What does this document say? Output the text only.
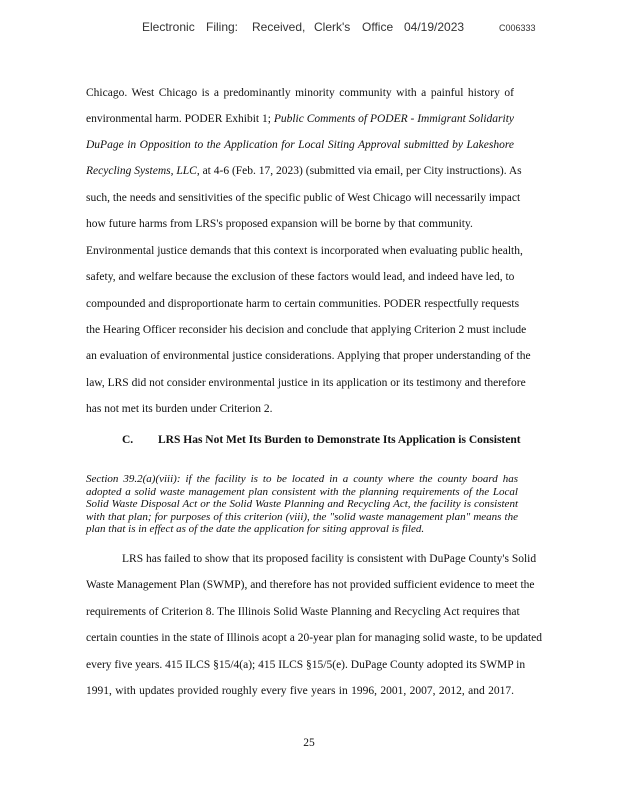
Electronic Filing: Received, Clerk's Office 04/19/2023	C006333
Chicago. West Chicago is a predominantly minority community with a painful history of
environmental harm. PODER Exhibit 1; Public Comments of PODER - Immigrant Solidarity
DuPage in Opposition to the Application for Local Siting Approval submitted by Lakeshore
Recycling Systems, LLC, at 4-6 (Feb. 17, 2023) (submitted via email, per City instructions). As
such, the needs and sensitivities of the specific public of West Chicago will necessarily impact
how future harms from LRS's proposed expansion will be borne by that community.
Environmental justice demands that this context is incorporated when evaluating public health,
safety, and welfare because the exclusion of these factors would lead, and indeed have led, to
compounded and disproportionate harm to certain communities. PODER respectfully requests
the Hearing Officer reconsider his decision and conclude that applying Criterion 2 must include
an evaluation of environmental justice considerations. Applying that proper understanding of the
law, LRS did not consider environmental justice in its application or its testimony and therefore
has not met its burden under Criterion 2.
C. LRS Has Not Met Its Burden to Demonstrate Its Application is Consistent

Section 39.2(a)(viii): if the facility is to be located in a county where the county board has adopted a solid waste management plan consistent with the planning requirements of the Local Solid Waste Disposal Act or the Solid Waste Planning and Recycling Act, the facility is consistent with that plan; for purposes of this criterion (viii), the "solid waste management plan" means the plan that is in effect as of the date the application for siting approval is filed.

LRS has failed to show that its proposed facility is consistent with DuPage County's Solid
Waste Management Plan (SWMP), and therefore has not provided sufficient evidence to meet the
requirements of Criterion 8. The Illinois Solid Waste Planning and Recycling Act requires that
certain counties in the state of Illinois acopt a 20-year plan for managing solid waste, to be updated
every five years. 415 ILCS §15/4(a); 415 ILCS §15/5(e). DuPage County adopted its SWMP in
1991, with updates provided roughly every five years in 1996, 2001, 2007, 2012, and 2017.
25
